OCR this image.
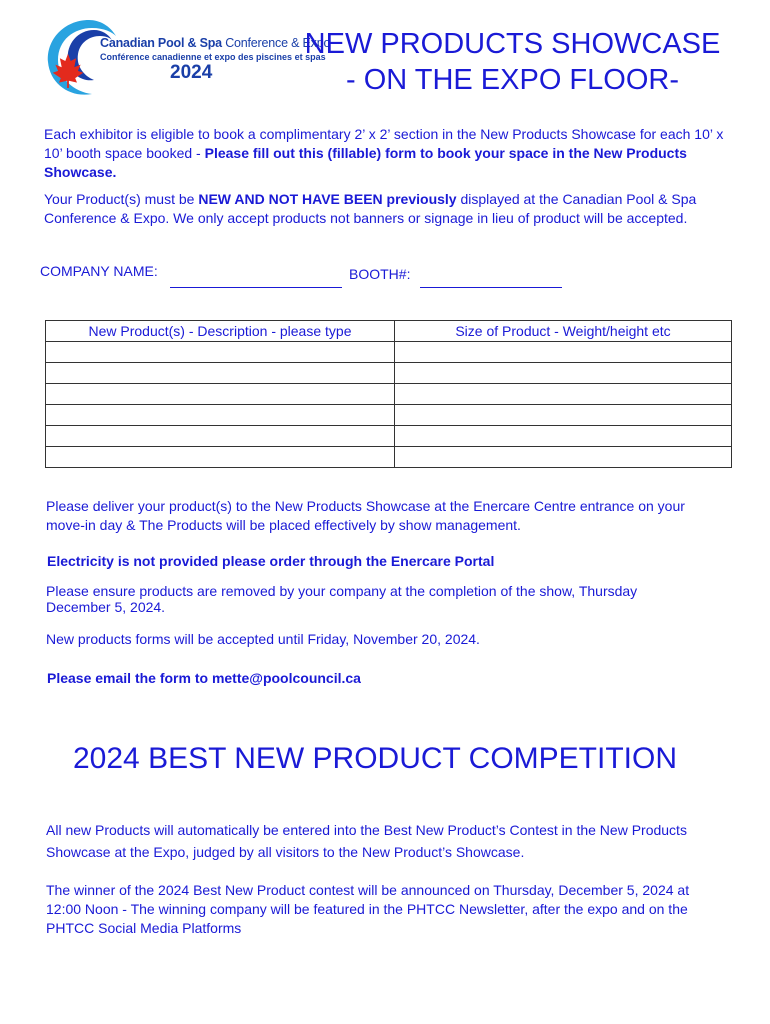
Canadian Pool & Spa Conference & Expo
Conférence canadienne et expo des piscines et spas
2024
NEW PRODUCTS SHOWCASE
- ON THE EXPO FLOOR-
Each exhibitor is eligible to book a complimentary 2’ x 2’ section in the New Products Showcase for each 10’ x 10’ booth space booked - Please fill out this (fillable) form to book your space in the New Products Showcase.
Your Product(s) must be NEW AND NOT HAVE BEEN previously displayed at the Canadian Pool & Spa Conference & Expo. We only accept products not banners or signage in lieu of product will be accepted.
COMPANY NAME:	BOOTH#:
New Product(s) - Description - please type	Size of Product - Weight/height etc

Please deliver your product(s) to the New Products Showcase at the Enercare Centre entrance on your move-in day & The Products will be placed effectively by show management.
Electricity is not provided please order through the Enercare Portal
Please ensure products are removed by your company at the completion of the show, Thursday December 5, 2024.
New products forms will be accepted until Friday, November 20, 2024.
Please email the form to mette@poolcouncil.ca
2024 BEST NEW PRODUCT COMPETITION
All new Products will automatically be entered into the Best New Product’s Contest in the New Products Showcase at the Expo, judged by all visitors to the New Product’s Showcase.
The winner of the 2024 Best New Product contest will be announced on Thursday, December 5, 2024 at 12:00 Noon - The winning company will be featured in the PHTCC Newsletter, after the expo and on the PHTCC Social Media Platforms
